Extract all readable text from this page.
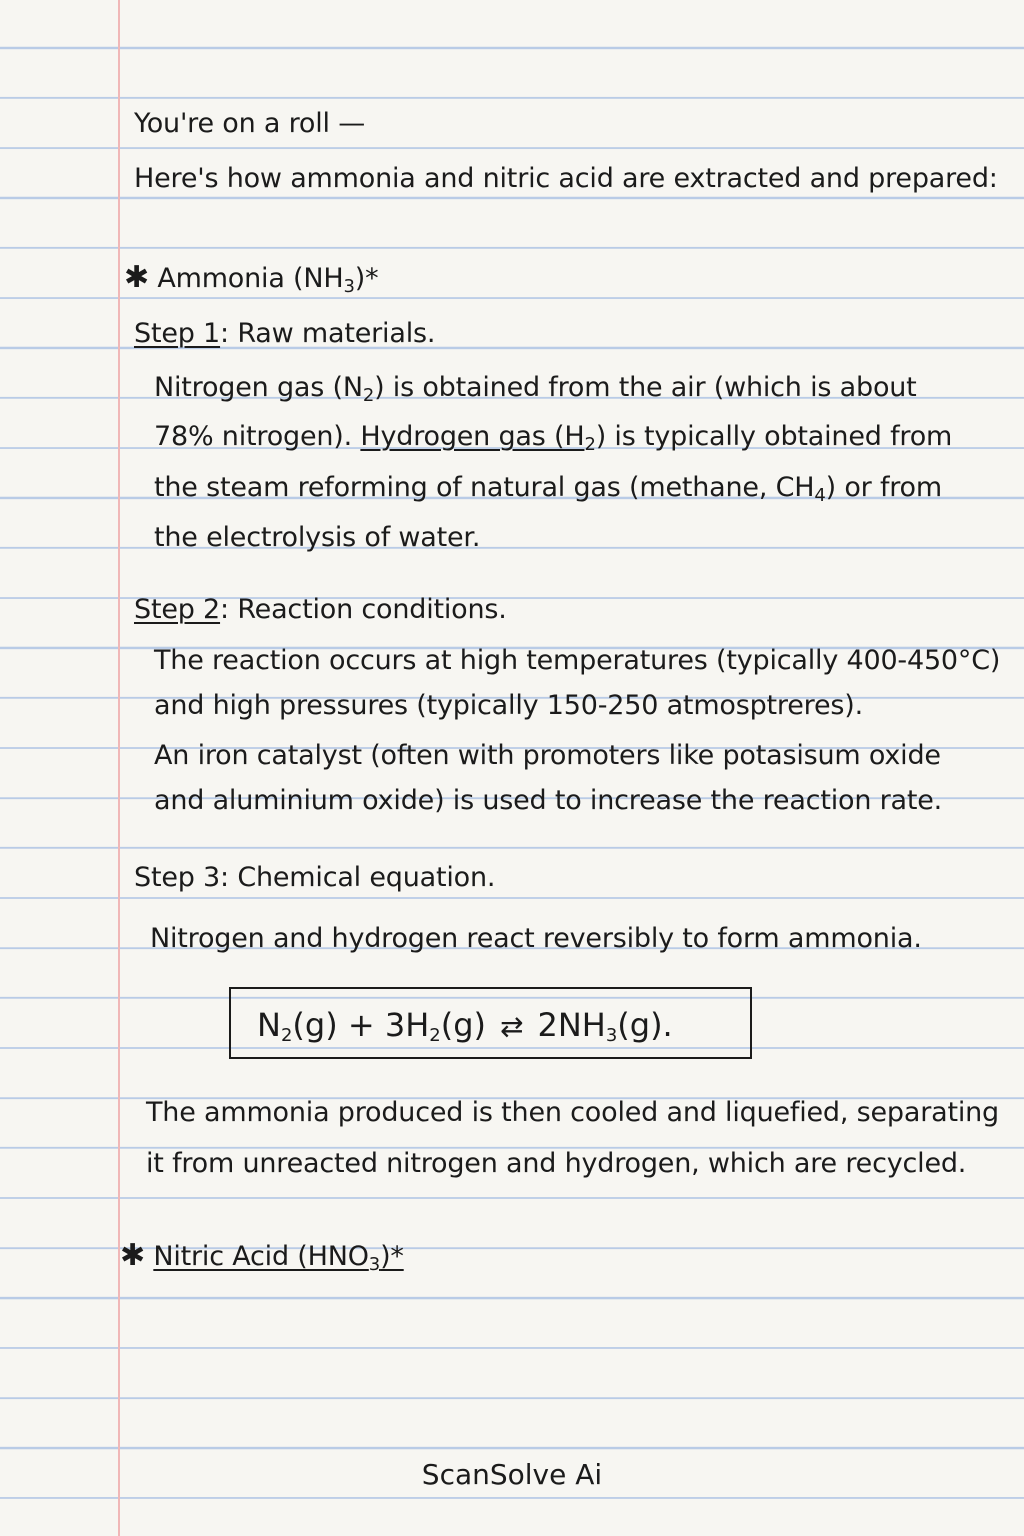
You're on a roll —
Here's how ammonia and nitric acid are extracted and prepared:
✱ Ammonia $(NH_3)*$
Step 1: Raw materials.
Nitrogen gas $(N_2)$ is obtained from the air (which is about
78% nitrogen). Hydrogen gas $(H_2)$ is typically obtained from
the steam reforming of natural gas (methane, $CH_4$) or from
the electrolysis of water.
Step 2: Reaction conditions.
The reaction occurs at high temperatures (typically 400-450°C)
and high pressures (typically 150-250 atmosptreres).
An iron catalyst (often with promoters like potasisum oxide
and aluminium oxide) is used to increase the reaction rate.
Step 3: Chemical equation.
Nitrogen and hydrogen react reversibly to form ammonia.
$N_2(g) + 3H_2(g)$ ⇄ $2NH_3(g)$.
The ammonia produced is then cooled and liquefied, separating
it from unreacted nitrogen and hydrogen, which are recycled.
✱ Nitric Acid $(HNO_3)*$
ScanSolve Ai
